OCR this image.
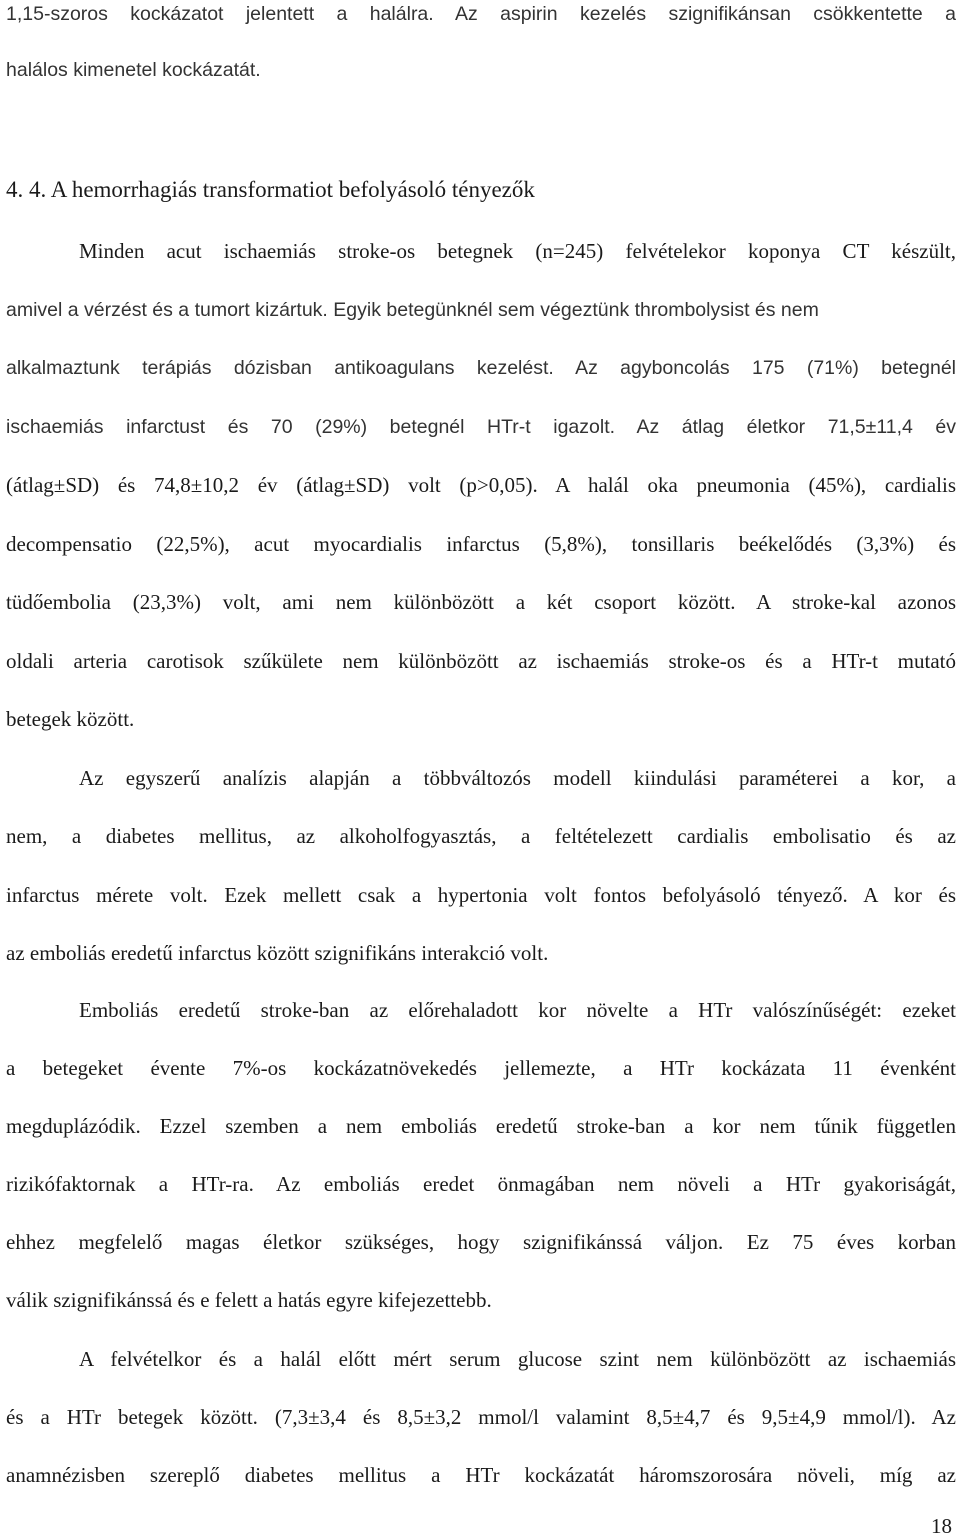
1,15-szoros kockázatot jelentett a halálra. Az aspirin kezelés szignifikánsan csökkentette a
halálos kimenetel kockázatát.
4. 4. A hemorrhagiás transformatiot befolyásoló tényezők
Minden acut ischaemiás stroke-os betegnek (n=245) felvételekor koponya CT készült,
amivel a vérzést és a tumort kizártuk. Egyik betegünknél sem végeztünk thrombolysist és nem
alkalmaztunk terápiás dózisban antikoagulans kezelést. Az agyboncolás 175 (71%) betegnél
ischaemiás infarctust és 70 (29%) betegnél HTr-t igazolt. Az átlag életkor 71,5±11,4 év
(átlag±SD) és 74,8±10,2 év (átlag±SD) volt (p>0,05). A halál oka pneumonia (45%), cardialis
decompensatio (22,5%), acut myocardialis infarctus (5,8%), tonsillaris beékelődés (3,3%) és
tüdőembolia (23,3%) volt, ami nem különbözött a két csoport között. A stroke-kal azonos
oldali arteria carotisok szűkülete nem különbözött az ischaemiás stroke-os és a HTr-t mutató
betegek között.
Az egyszerű analízis alapján a többváltozós modell kiindulási paraméterei a kor, a
nem, a diabetes mellitus, az alkoholfogyasztás, a feltételezett cardialis embolisatio és az
infarctus mérete volt. Ezek mellett csak a hypertonia volt fontos befolyásoló tényező. A kor és
az emboliás eredetű infarctus között szignifikáns interakció volt.
Emboliás eredetű stroke-ban az előrehaladott kor növelte a HTr valószínűségét: ezeket
a betegeket évente 7%-os kockázatnövekedés jellemezte, a HTr kockázata 11 évenként
megduplázódik. Ezzel szemben a nem emboliás eredetű stroke-ban a kor nem tűnik független
rizikófaktornak a HTr-ra. Az emboliás eredet önmagában nem növeli a HTr gyakoriságát,
ehhez megfelelő magas életkor szükséges, hogy szignifikánssá váljon. Ez 75 éves korban
válik szignifikánssá és e felett a hatás egyre kifejezettebb.
A felvételkor és a halál előtt mért serum glucose szint nem különbözött az ischaemiás
és a HTr betegek között. (7,3±3,4 és 8,5±3,2 mmol/l valamint 8,5±4,7 és 9,5±4,9 mmol/l). Az
anamnézisben szereplő diabetes mellitus a HTr kockázatát háromszorosára növeli, míg az
18
